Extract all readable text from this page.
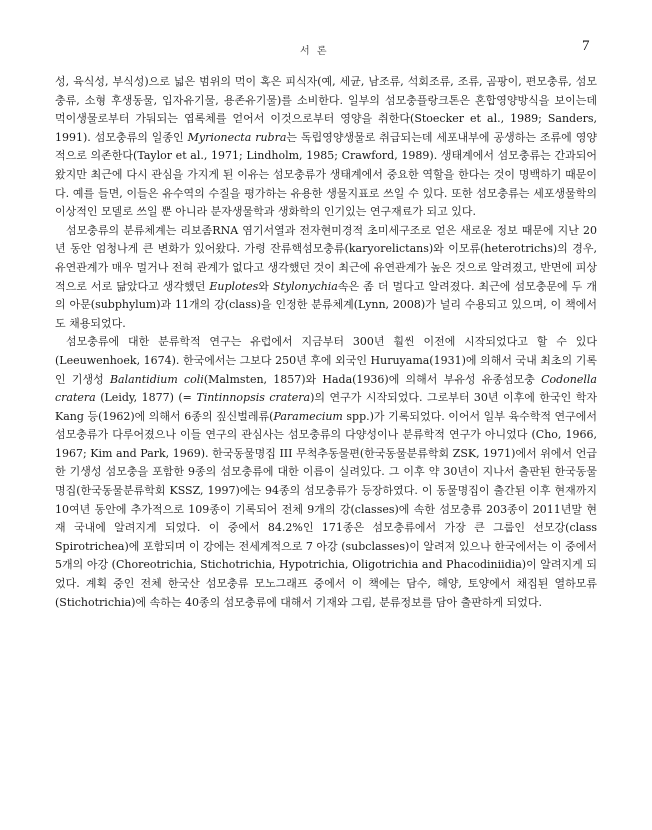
서 론	7

성, 육식성, 부식성)으로 넓은 범위의 먹이 혹은 피식자(예, 세균, 남조류, 석회조류, 조류, 곰팡이, 편모충류, 섬모충류, 소형 후생동물, 입자유기물, 용존유기물)를 소비한다. 일부의 섬모충플랑크톤은 혼합영양방식을 보이는데 먹이생물로부터 가둬되는 엽록체를 얻어서 이것으로부터 영양을 취한다(Stoecker et al., 1989; Sanders, 1991). 섬모충류의 일종인 Myrionecta rubra는 독립영양생물로 취급되는데 세포내부에 공생하는 조류에 영양적으로 의존한다(Taylor et al., 1971; Lindholm, 1985; Crawford, 1989). 생태계에서 섬모충류는 간과되어 왔지만 최근에 다시 관심을 가지게 된 이유는 섬모충류가 생태계에서 중요한 역할을 한다는 것이 명백하기 때문이다. 예를 들면, 이들은 유수역의 수질을 평가하는 유용한 생물지표로 쓰일 수 있다. 또한 섬모충류는 세포생물학의 이상적인 모델로 쓰일 뿐 아니라 분자생물학과 생화학의 인기있는 연구재료가 되고 있다.

섬모충류의 분류체계는 리보좀RNA 염기서열과 전자현미경적 초미세구조로 얻은 새로운 정보 때문에 지난 20년 동안 엄청나게 큰 변화가 있어왔다. 가령 잔류핵섬모충류(karyorelictans)와 이모류(heterotrichs)의 경우, 유연관계가 매우 멀거나 전혀 관계가 없다고 생각했던 것이 최근에 유연관계가 높은 것으로 알려졌고, 반면에 피상적으로 서로 닮았다고 생각했던 Euplotes와 Stylonychia속은 좀 더 멀다고 알려졌다. 최근에 섬모충문에 두 개의 아문(subphylum)과 11개의 강(class)을 인정한 분류체계(Lynn, 2008)가 널리 수용되고 있으며, 이 책에서도 채용되었다.

섬모충류에 대한 분류학적 연구는 유럽에서 지금부터 300년 훨씬 이전에 시작되었다고 할 수 있다(Leeuwenhoek, 1674). 한국에서는 그보다 250년 후에 외국인 Huruyama(1931)에 의해서 국내 최초의 기록인 기생성 Balantidium coli(Malmsten, 1857)와 Hada(1936)에 의해서 부유성 유종섬모충 Codonella cratera (Leidy, 1877) (= Tintinnopsis cratera)의 연구가 시작되었다. 그로부터 30년 이후에 한국인 학자 Kang 등(1962)에 의해서 6종의 짚신벌레류(Paramecium spp.)가 기록되었다. 이어서 일부 육수학적 연구에서 섬모충류가 다루어졌으나 이들 연구의 관심사는 섬모충류의 다양성이나 분류학적 연구가 아니었다 (Cho, 1966, 1967; Kim and Park, 1969). 한국동물명집 III 무척추동물편(한국동물분류학회 ZSK, 1971)에서 위에서 언급한 기생성 섬모충을 포함한 9종의 섬모충류에 대한 이름이 실려있다. 그 이후 약 30년이 지나서 출판된 한국동물명집(한국동물분류학회 KSSZ, 1997)에는 94종의 섬모충류가 등장하였다. 이 동물명집이 출간된 이후 현재까지 10여년 동안에 추가적으로 109종이 기록되어 전체 9개의 강(classes)에 속한 섬모충류 203종이 2011년말 현재 국내에 알려지게 되었다. 이 중에서 84.2%인 171종은 섬모충류에서 가장 큰 그룹인 선모강(class Spirotrichea)에 포함되며 이 강에는 전세계적으로 7 아강 (subclasses)이 알려져 있으나 한국에서는 이 중에서 5개의 아강 (Choreotrichia, Stichotrichia, Hypotrichia, Oligotrichia and Phacodiniidia)이 알려지게 되었다. 계획 중인 전체 한국산 섬모충류 모노그래프 중에서 이 책에는 담수, 해양, 토양에서 채집된 열하모류(Stichotrichia)에 속하는 40종의 섬모충류에 대해서 기재와 그림, 분류정보를 담아 출판하게 되었다.
